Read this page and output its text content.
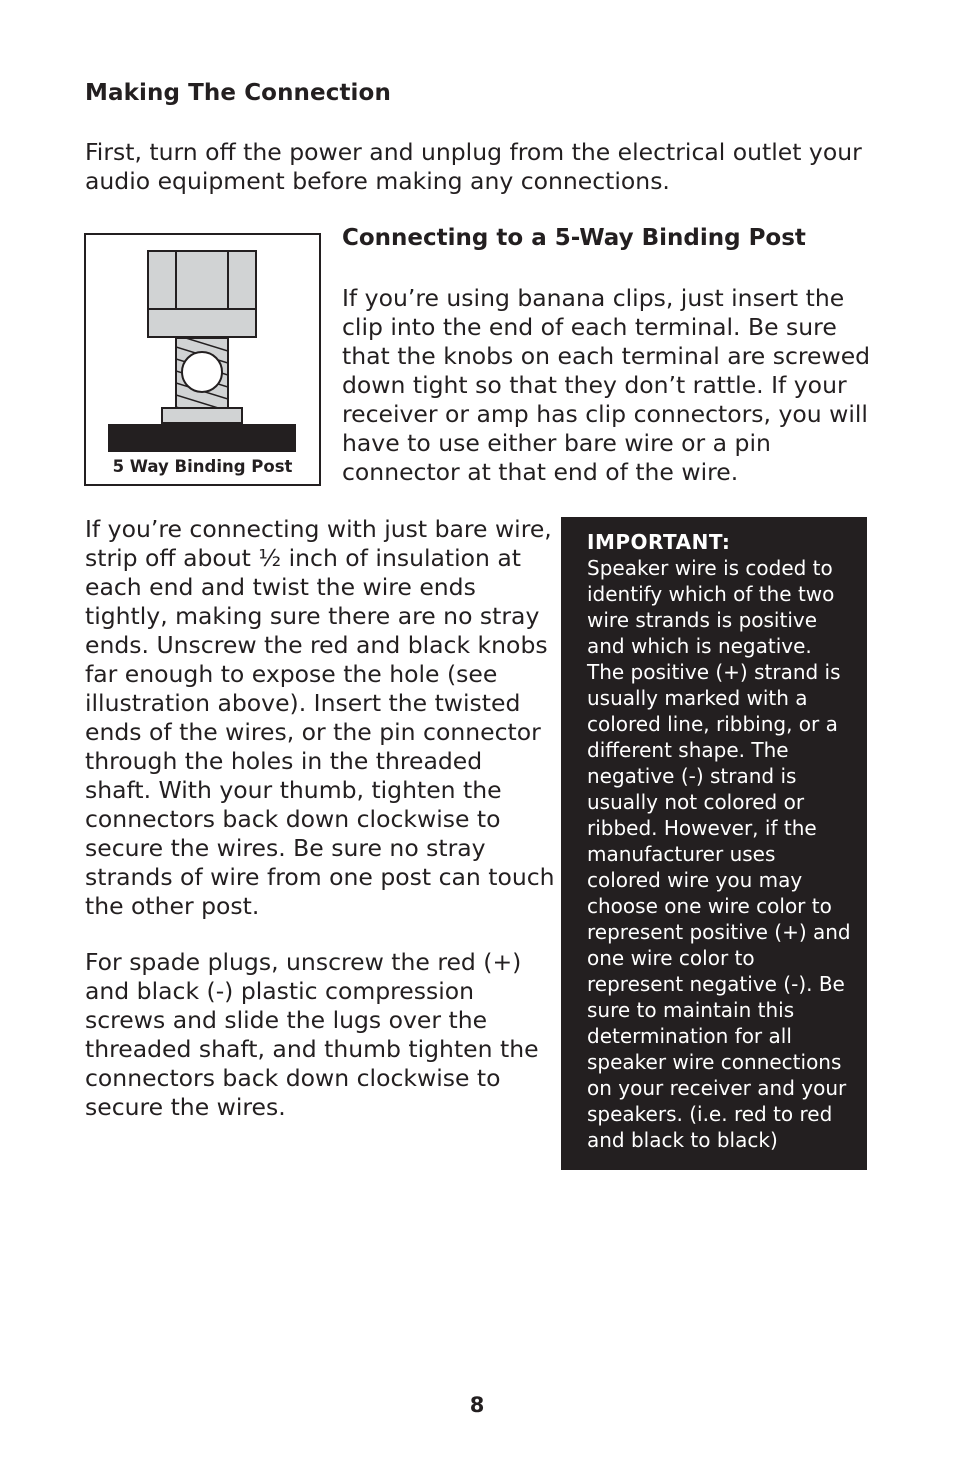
Making The Connection

First, turn off the power and unplug from the electrical outlet your audio equipment before making any connections.

5 Way Binding Post
Connecting to a 5-Way Binding Post

If you’re using banana clips, just insert the clip into the end of each terminal. Be sure that the knobs on each terminal are screwed down tight so that they don’t rattle. If your receiver or amp has clip connectors, you will have to use either bare wire or a pin connector at that end of the wire.

If you’re connecting with just bare wire, strip off about ½ inch of insulation at each end and twist the wire ends tightly, making sure there are no stray ends. Unscrew the red and black knobs far enough to expose the hole (see illustration above). Insert the twisted ends of the wires, or the pin connector through the holes in the threaded shaft. With your thumb, tighten the connectors back down clockwise to secure the wires. Be sure no stray strands of wire from one post can touch the other post.

For spade plugs, unscrew the red (+) and black (-) plastic compression screws and slide the lugs over the threaded shaft, and thumb tighten the connectors back down clockwise to secure the wires.

IMPORTANT:

Speaker wire is coded to identify which of the two wire strands is positive and which is negative. The positive (+) strand is usually marked with a colored line, ribbing, or a different shape. The negative (-) strand is usually not colored or ribbed. However, if the manufacturer uses colored wire you may choose one wire color to represent positive (+) and one wire color to represent negative (-). Be sure to maintain this determination for all speaker wire connections on your receiver and your speakers. (i.e. red to red and black to black)

8
